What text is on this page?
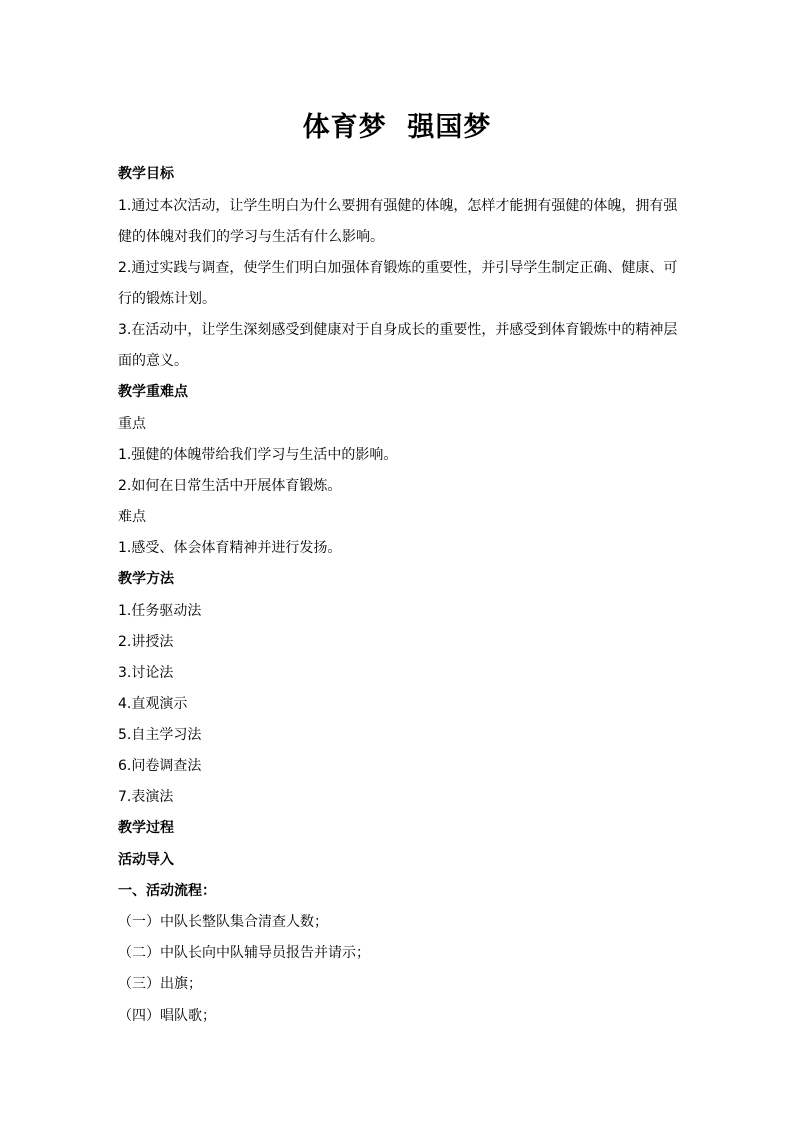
体育梦  强国梦
教学目标
1.通过本次活动，让学生明白为什么要拥有强健的体魄，怎样才能拥有强健的体魄，拥有强
健的体魄对我们的学习与生活有什么影响。
2.通过实践与调查，使学生们明白加强体育锻炼的重要性，并引导学生制定正确、健康、可
行的锻炼计划。
3.在活动中，让学生深刻感受到健康对于自身成长的重要性，并感受到体育锻炼中的精神层
面的意义。
教学重难点
重点
1.强健的体魄带给我们学习与生活中的影响。
2.如何在日常生活中开展体育锻炼。
难点
1.感受、体会体育精神并进行发扬。
教学方法
1.任务驱动法
2.讲授法
3.讨论法
4.直观演示
5.自主学习法
6.问卷调查法
7.表演法
教学过程
活动导入
一、活动流程：
（一）中队长整队集合清查人数；
（二）中队长向中队辅导员报告并请示；
（三）出旗；
（四）唱队歌；
